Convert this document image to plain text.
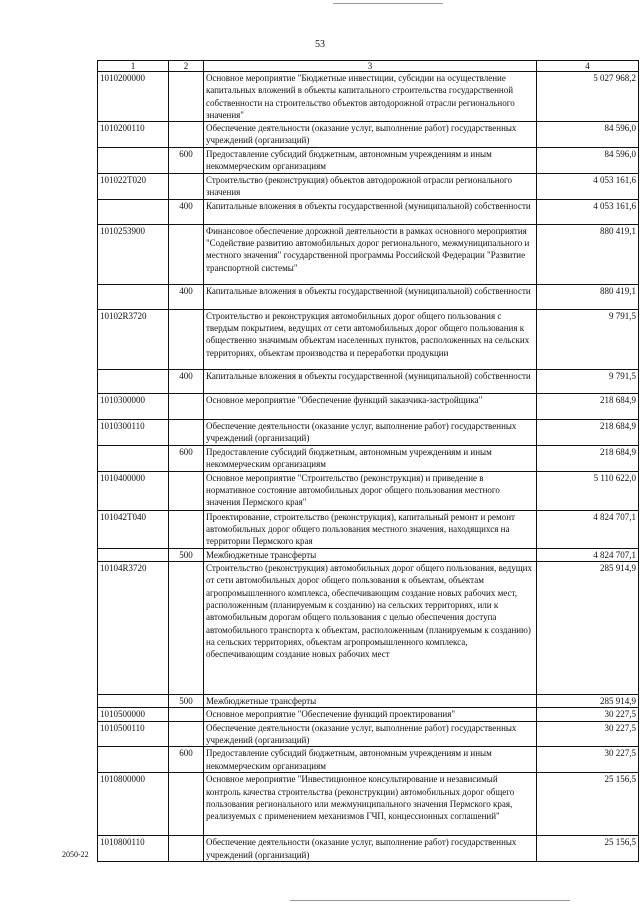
53
1	2	3	4
1010200000		Основное мероприятие "Бюджетные инвестиции, субсидии на осуществление капитальных вложений в объекты капитального строительства государственной собственности на строительство объектов автодорожной отрасли регионального значения"	5 027 968,2
1010200110		Обеспечение деятельности (оказание услуг, выполнение работ) государственных учреждений (организаций)	84 596,0
	600	Предоставление субсидий бюджетным, автономным учреждениям и иным некоммерческим организациям	84 596,0
101022Т020		Строительство (реконструкция) объектов автодорожной отрасли регионального значения	4 053 161,6
	400	Капитальные вложения в объекты государственной (муниципальной) собственности	4 053 161,6
1010253900		Финансовое обеспечение дорожной деятельности в рамках основного мероприятия "Содействие развитию автомобильных дорог регионального, межмуниципального и местного значения" государственной программы Российской Федерации "Развитие транспортной системы"	880 419,1
	400	Капитальные вложения в объекты государственной (муниципальной) собственности	880 419,1
10102R3720		Строительство и реконструкция автомобильных дорог общего пользования с твердым покрытием, ведущих от сети автомобильных дорог общего пользования к общественно значимым объектам населенных пунктов, расположенных на сельских территориях, объектам производства и переработки продукции	9 791,5
	400	Капитальные вложения в объекты государственной (муниципальной) собственности	9 791,5
1010300000		Основное мероприятие "Обеспечение функций заказчика-застройщика"	218 684,9
1010300110		Обеспечение деятельности (оказание услуг, выполнение работ) государственных учреждений (организаций)	218 684,9
	600	Предоставление субсидий бюджетным, автономным учреждениям и иным некоммерческим организациям	218 684,9
1010400000		Основное мероприятие "Строительство (реконструкция) и приведение в нормативное состояние автомобильных дорог общего пользования местного значения Пермского края"	5 110 622,0
101042Т040		Проектирование, строительство (реконструкция), капитальный ремонт и ремонт автомобильных дорог общего пользования местного значения, находящихся на территории Пермского края	4 824 707,1
	500	Межбюджетные трансферты	4 824 707,1
10104R3720		Строительство (реконструкция) автомобильных дорог общего пользования, ведущих от сети автомобильных дорог общего пользования к объектам, объектам агропромышленного комплекса, обеспечивающим создание новых рабочих мест, расположенным (планируемым к созданию) на сельских территориях, или к автомобильным дорогам общего пользования с целью обеспечения доступа автомобильного транспорта к объектам, расположенным (планируемым к созданию) на сельских территориях, объектам агропромышленного комплекса, обеспечивающим создание новых рабочих мест	285 914,9
	500	Межбюджетные трансферты	285 914,9
1010500000		Основное мероприятие "Обеспечение функций проектирования"	30 227,5
1010500110		Обеспечение деятельности (оказание услуг, выполнение работ) государственных учреждений (организаций)	30 227,5
	600	Предоставление субсидий бюджетным, автономным учреждениям и иным некоммерческим организациям	30 227,5
1010800000		Основное мероприятие "Инвестиционное консультирование и независимый контроль качества строительства (реконструкции) автомобильных дорог общего пользования регионального или межмуниципального значения Пермского края, реализуемых с применением механизмов ГЧП, концессионных соглашений"	25 156,5
1010800110		Обеспечение деятельности (оказание услуг, выполнение работ) государственных учреждений (организаций)	25 156,5
2050-22
